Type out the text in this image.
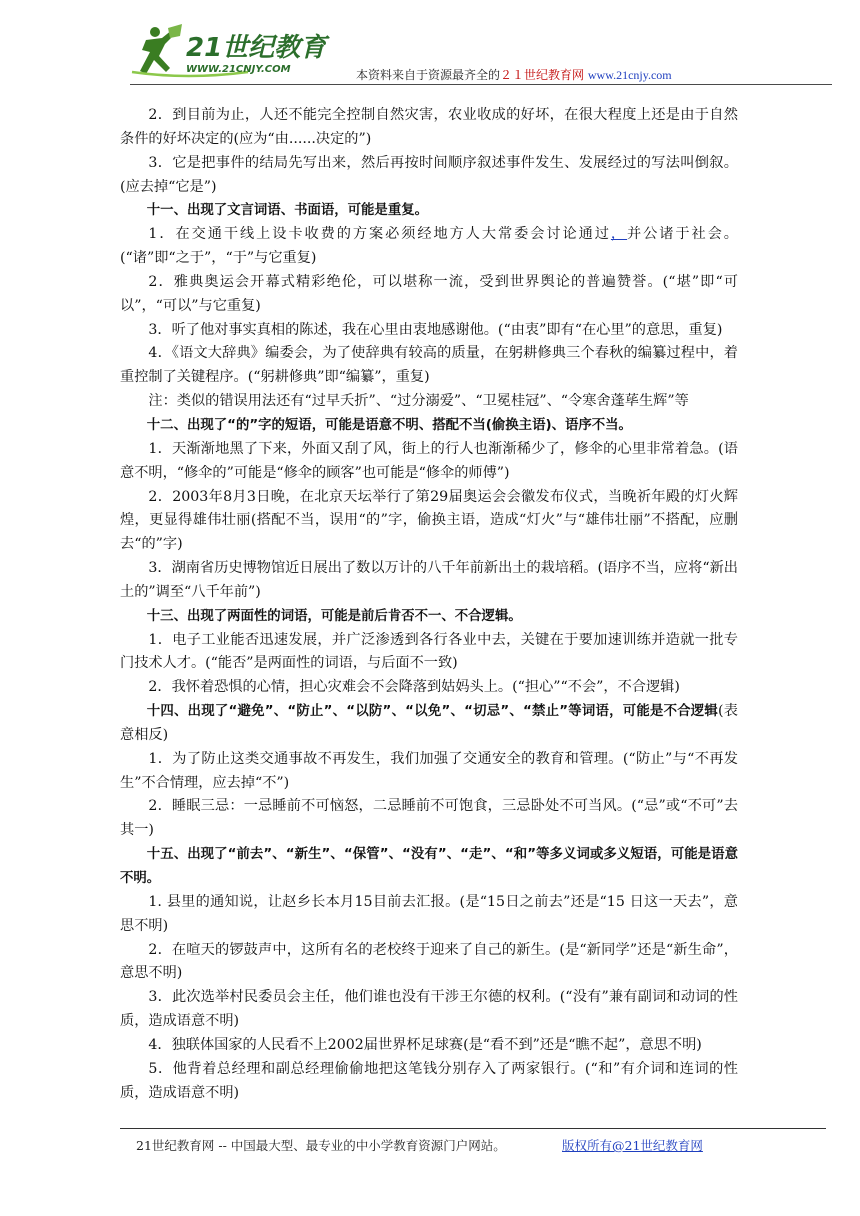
21世纪教育
WWW.21CNJY.COM	本资料来自于资源最齐全的２１世纪教育网 www.21cnjy.com

2．到目前为止，人还不能完全控制自然灾害，农业收成的好坏，在很大程度上还是由于自然条件的好坏决定的(应为“由......决定的”)

3．它是把事件的结局先写出来，然后再按时间顺序叙述事件发生、发展经过的写法叫倒叙。(应去掉“它是”)

十一、出现了文言词语、书面语，可能是重复。

1．在交通干线上设卡收费的方案必须经地方人大常委会讨论通过，并公诸于社会。(“诸”即“之于”，“于”与它重复)

2．雅典奥运会开幕式精彩绝伦，可以堪称一流，受到世界舆论的普遍赞誉。(“堪”即“可以”，“可以”与它重复)

3．听了他对事实真相的陈述，我在心里由衷地感谢他。(“由衷”即有“在心里”的意思，重复)

4．《语文大辞典》编委会，为了使辞典有较高的质量，在躬耕修典三个春秋的编纂过程中，着重控制了关键程序。(“躬耕修典”即“编纂”，重复)

注：类似的错误用法还有“过早夭折”、“过分溺爱”、“卫冕桂冠”、“令寒舍蓬荜生辉”等

十二、出现了“的”字的短语，可能是语意不明、搭配不当(偷换主语)、语序不当。

1．天渐渐地黑了下来，外面又刮了风，街上的行人也渐渐稀少了，修伞的心里非常着急。(语意不明，“修伞的”可能是“修伞的顾客”也可能是“修伞的师傅”)

2．2003年8月3日晚，在北京天坛举行了第29届奥运会会徽发布仪式，当晚祈年殿的灯火辉煌，更显得雄伟壮丽(搭配不当，误用“的”字，偷换主语，造成“灯火”与“雄伟壮丽”不搭配，应删去“的”字)

3．湖南省历史博物馆近日展出了数以万计的八千年前新出土的栽培稻。(语序不当，应将“新出土的”调至“八千年前”)

十三、出现了两面性的词语，可能是前后肯否不一、不合逻辑。

1．电子工业能否迅速发展，并广泛渗透到各行各业中去，关键在于要加速训练并造就一批专门技术人才。(“能否”是两面性的词语，与后面不一致)

2．我怀着恐惧的心情，担心灾难会不会降落到姑妈头上。(“担心”“不会”，不合逻辑)

十四、出现了“避免”、“防止”、“以防”、“以免”、“切忌”、“禁止”等词语，可能是不合逻辑(表意相反)

1．为了防止这类交通事故不再发生，我们加强了交通安全的教育和管理。(“防止”与“不再发生”不合情理，应去掉“不”)

2．睡眠三忌：一忌睡前不可恼怒，二忌睡前不可饱食，三忌卧处不可当风。(“忌”或“不可”去其一)

十五、出现了“前去”、“新生”、“保管”、“没有”、“走”、“和”等多义词或多义短语，可能是语意不明。

1. 县里的通知说，让赵乡长本月15目前去汇报。(是“15日之前去”还是“15 日这一天去”，意思不明)

2．在喧天的锣鼓声中，这所有名的老校终于迎来了自己的新生。(是“新同学”还是“新生命”，意思不明)

3．此次选举村民委员会主任，他们谁也没有干涉王尔德的权利。(“没有”兼有副词和动词的性质，造成语意不明)

4．独联体国家的人民看不上2002届世界杯足球赛(是“看不到”还是“瞧不起”，意思不明)

5．他背着总经理和副总经理偷偷地把这笔钱分别存入了两家银行。(“和”有介词和连词的性质，造成语意不明)

21世纪教育网 -- 中国最大型、最专业的中小学教育资源门户网站。	版权所有@21世纪教育网
